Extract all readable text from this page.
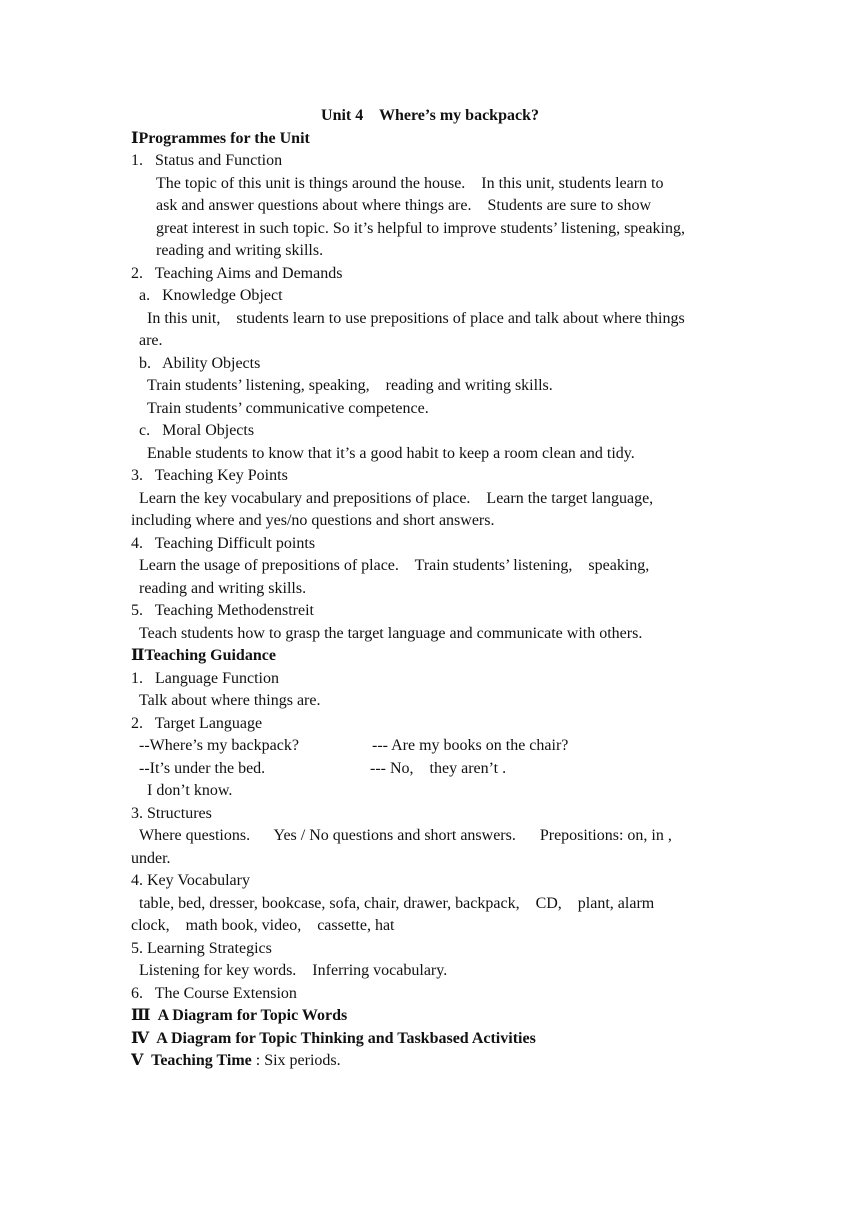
Unit 4    Where’s my backpack?
ⅠProgrammes for the Unit
1.   Status and Function
The topic of this unit is things around the house.    In this unit, students learn to
ask and answer questions about where things are.    Students are sure to show
great interest in such topic. So it’s helpful to improve students’ listening, speaking,
reading and writing skills.
2.   Teaching Aims and Demands
a.   Knowledge Object
In this unit,    students learn to use prepositions of place and talk about where things
are.
b.   Ability Objects
Train students’ listening, speaking,    reading and writing skills.
Train students’ communicative competence.
c.   Moral Objects
Enable students to know that it’s a good habit to keep a room clean and tidy.
3.   Teaching Key Points
Learn the key vocabulary and prepositions of place.    Learn the target language,
including where and yes/no questions and short answers.
4.   Teaching Difficult points
Learn the usage of prepositions of place.    Train students’ listening,    speaking,
reading and writing skills.
5.   Teaching Methodenstreit
Teach students how to grasp the target language and communicate with others.
ⅡTeaching Guidance
1.   Language Function
Talk about where things are.
2.   Target Language
--Where’s my backpack?	--- Are my books on the chair?
--It’s under the bed.	--- No,    they aren’t .
I don’t know.
3. Structures
Where questions.      Yes / No questions and short answers.      Prepositions: on, in ,
under.
4. Key Vocabulary
table, bed, dresser, bookcase, sofa, chair, drawer, backpack,    CD,    plant, alarm
clock,    math book, video,    cassette, hat
5. Learning Strategics
Listening for key words.    Inferring vocabulary.
6.   The Course Extension
Ⅲ  A Diagram for Topic Words
Ⅳ  A Diagram for Topic Thinking and Taskbased Activities
Ⅴ  Teaching Time : Six periods.
